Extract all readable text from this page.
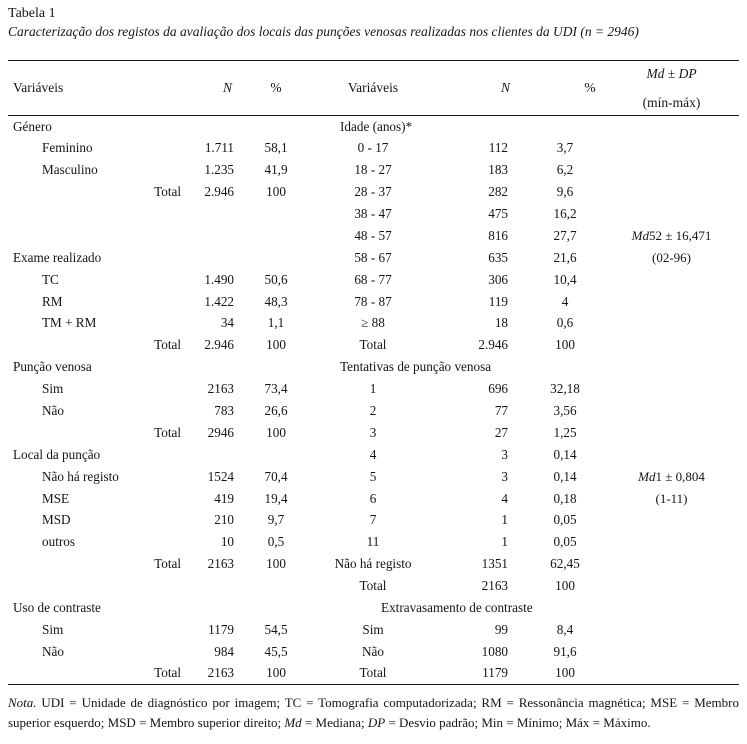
Tabela 1
Caracterização dos registos da avaliação dos locais das punções venosas realizadas nos clientes da UDI (n = 2946)
Variáveis		N	%	Variáveis	N	%	Md ± DP
(mín-máx)

Género				Idade (anos)*			
Feminino		1.711	58,1	0 - 17	112	3,7	
Masculino		1.235	41,9	18 - 27	183	6,2	
	Total	2.946	100	28 - 37	282	9,6	
				38 - 47	475	16,2	
				48 - 57	816	27,7	Md52 ± 16,471
Exame realizado				58 - 67	635	21,6	(02-96)
TC		1.490	50,6	68 - 77	306	10,4	
RM		1.422	48,3	78 - 87	119	4	
TM + RM		34	1,1	≥ 88	18	0,6	
	Total	2.946	100	Total	2.946	100	
Punção venosa				Tentativas de punção venosa			
Sim		2163	73,4	1	696	32,18	
Não		783	26,6	2	77	3,56	
	Total	2946	100	3	27	1,25	
Local da punção				4	3	0,14	
Não há registo		1524	70,4	5	3	0,14	Md1 ± 0,804
MSE		419	19,4	6	4	0,18	(1-11)
MSD		210	9,7	7	1	0,05	
outros		10	0,5	11	1	0,05	
	Total	2163	100	Não há registo	1351	62,45	
				Total	2163	100	
Uso de contraste				Extravasamento de contraste			
Sim		1179	54,5	Sim	99	8,4	
Não		984	45,5	Não	1080	91,6	
	Total	2163	100	Total	1179	100	
Nota. UDI = Unidade de diagnóstico por imagem; TC = Tomografia computadorizada; RM = Ressonância magnética; MSE = Membro superior esquerdo; MSD = Membro superior direito; Md = Mediana; DP = Desvio padrão; Min = Mínimo; Máx = Máximo.
